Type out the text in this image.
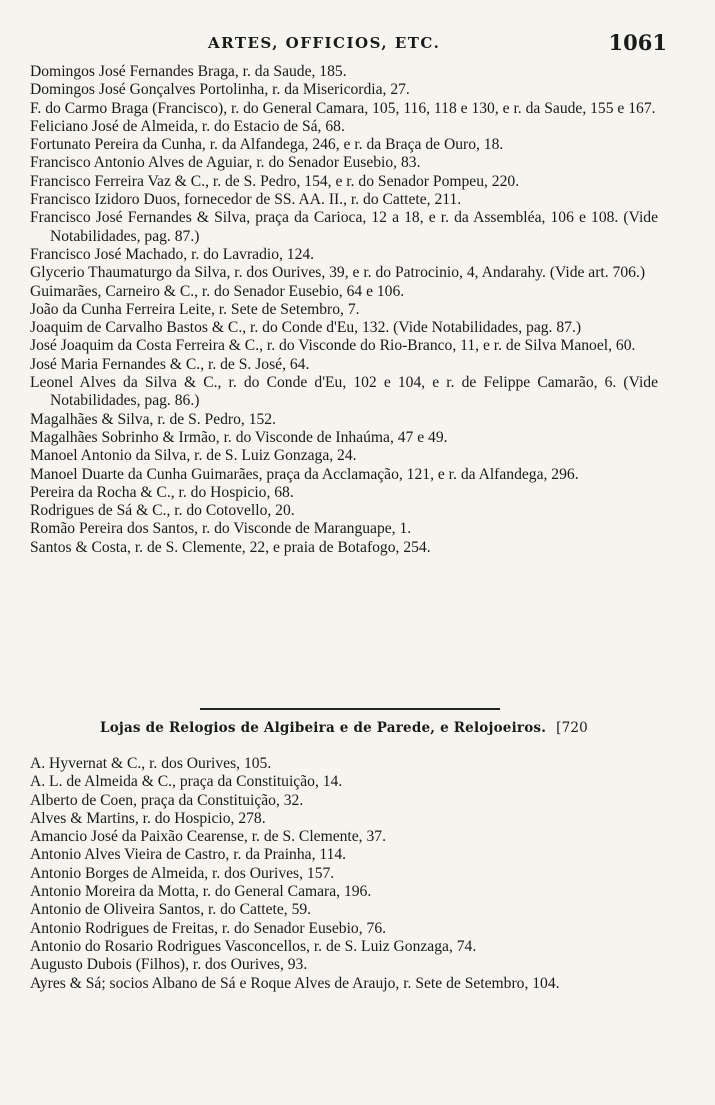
ARTES, OFFICIOS, ETC.	1061
Domingos José Fernandes Braga, r. da Saude, 185.
Domingos José Gonçalves Portolinha, r. da Misericordia, 27.
F. do Carmo Braga (Francisco), r. do General Camara, 105, 116, 118 e 130, e r. da Saude, 155 e 167.
Feliciano José de Almeida, r. do Estacio de Sá, 68.
Fortunato Pereira da Cunha, r. da Alfandega, 246, e r. da Braça de Ouro, 18.
Francisco Antonio Alves de Aguiar, r. do Senador Eusebio, 83.
Francisco Ferreira Vaz & C., r. de S. Pedro, 154, e r. do Senador Pompeu, 220.
Francisco Izidoro Duos, fornecedor de SS. AA. II., r. do Cattete, 211.
Francisco José Fernandes & Silva, praça da Carioca, 12 a 18, e r. da Assembléa, 106 e 108. (Vide Notabilidades, pag. 87.)
Francisco José Machado, r. do Lavradio, 124.
Glycerio Thaumaturgo da Silva, r. dos Ourives, 39, e r. do Patrocinio, 4, Andarahy. (Vide art. 706.)
Guimarães, Carneiro & C., r. do Senador Eusebio, 64 e 106.
João da Cunha Ferreira Leite, r. Sete de Setembro, 7.
Joaquim de Carvalho Bastos & C., r. do Conde d'Eu, 132. (Vide Notabilidades, pag. 87.)
José Joaquim da Costa Ferreira & C., r. do Visconde do Rio-Branco, 11, e r. de Silva Manoel, 60.
José Maria Fernandes & C., r. de S. José, 64.
Leonel Alves da Silva & C., r. do Conde d'Eu, 102 e 104, e r. de Felippe Camarão, 6. (Vide Notabilidades, pag. 86.)
Magalhães & Silva, r. de S. Pedro, 152.
Magalhães Sobrinho & Irmão, r. do Visconde de Inhaúma, 47 e 49.
Manoel Antonio da Silva, r. de S. Luiz Gonzaga, 24.
Manoel Duarte da Cunha Guimarães, praça da Acclamação, 121, e r. da Alfandega, 296.
Pereira da Rocha & C., r. do Hospicio, 68.
Rodrigues de Sá & C., r. do Cotovello, 20.
Romão Pereira dos Santos, r. do Visconde de Maranguape, 1.
Santos & Costa, r. de S. Clemente, 22, e praia de Botafogo, 254.
Lojas de Relogios de Algibeira e de Parede, e Relojoeiros. [720
A. Hyvernat & C., r. dos Ourives, 105.
A. L. de Almeida & C., praça da Constituição, 14.
Alberto de Coen, praça da Constituição, 32.
Alves & Martins, r. do Hospicio, 278.
Amancio José da Paixão Cearense, r. de S. Clemente, 37.
Antonio Alves Vieira de Castro, r. da Prainha, 114.
Antonio Borges de Almeida, r. dos Ourives, 157.
Antonio Moreira da Motta, r. do General Camara, 196.
Antonio de Oliveira Santos, r. do Cattete, 59.
Antonio Rodrigues de Freitas, r. do Senador Eusebio, 76.
Antonio do Rosario Rodrigues Vasconcellos, r. de S. Luiz Gonzaga, 74.
Augusto Dubois (Filhos), r. dos Ourives, 93.
Ayres & Sá; socios Albano de Sá e Roque Alves de Araujo, r. Sete de Setembro, 104.
